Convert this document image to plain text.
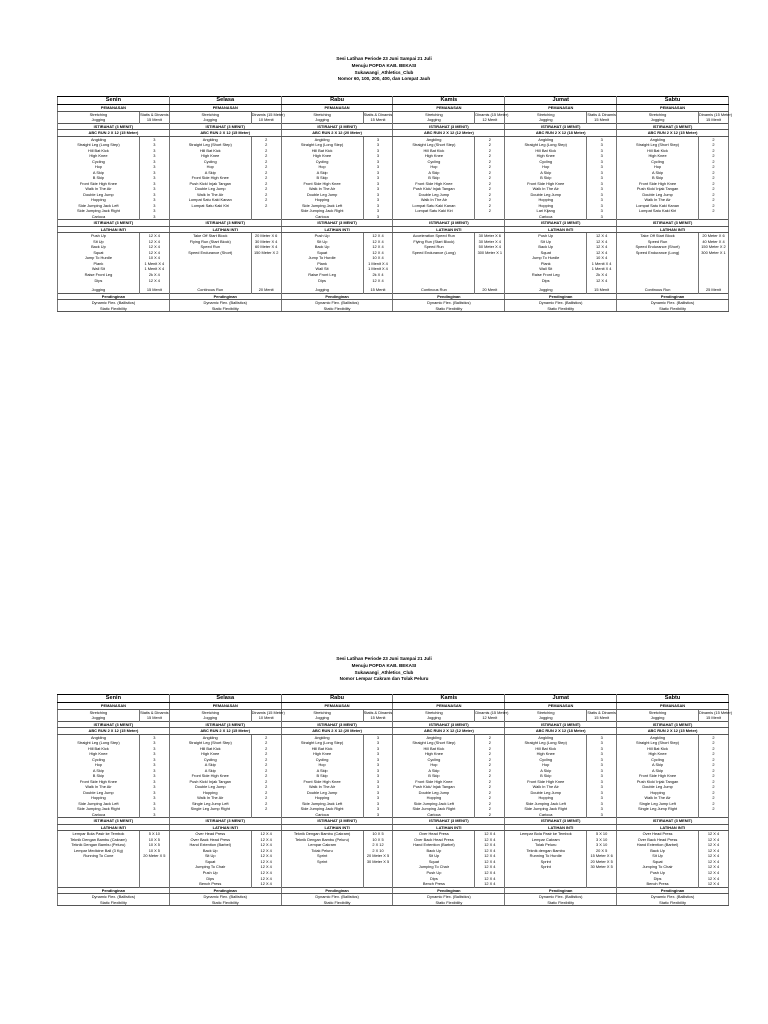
Sesi Latihan Periode 23 Juni Sampai 21 Juli
Menuju POPDA KAB. BEKASI
Sukawangi_Athletics_Club
Nomor 60, 100, 200, 400, dan Lompat Jauh
Senin		Selasa		Rabu		Kamis		Jumat		Sabtu	
PEMANASAN		PEMANASAN		PEMANASAN		PEMANASAN		PEMANASAN		PEMANASAN	
Stretching	Statis & Dinamis	Stretching	Dinamis (15 Meter)	Stretching	Statis & Dinamis	Stretching	Dinamis (15 Meter)	Stretching	Statis & Dinamis	Stretching	Dinamis (15 Meter)
Jogging	15 Menit	Jogging	10 Menit	Jogging	15 Menit	Jogging	12 Menit	Jogging	15 Menit	Jogging	15 Menit
ISTIRAHAT (3 MENIT)		ISTIRAHAT (3 MENIT)		ISTIRAHAT (3 MENIT)		ISTIRAHAT (3 MENIT)		ISTIRAHAT (3 MENIT)		ISTIRAHAT (3 MENIT)	
ABC RUN 2 X 12 (15 Meter)		ABC RUN 2 X 12 (15 Meter)		ABC RUN 2 X 12 (20 Meter)		ABC RUN 2 X 12 (12 Meter)		ABC RUN 2 X 12 (18 Meter)		ABC RUN 2 X 12 (15 Meter)	
Angkling	3	Angkling	2	Angkling	3	Angkling	2	Angkling	3	Angkling	2
Straight Leg (Long Step)	3	Straight Leg (Short Step)	2	Straight Leg (Long Step)	3	Straight Leg (Short Step)	2	Straight Leg (Long Step)	3	Straight Leg (Short Step)	2
Hill Bat Kick	3	Hill Bat Kick	2	Hill Bat Kick	3	Hill Bat Kick	2	Hill Bat Kick	3	Hill Bat Kick	2
High Knee	3	High Knee	2	High Knee	3	High Knee	2	High Knee	3	High Knee	2
Cycling	3	Cycling	2	Cycling	3	Cycling	2	Cycling	3	Cycling	2
Hop	3	Hop	2	Hop	3	Hop	2	Hop	3	Hop	2
A Skip	3	A Skip	2	A Skip	3	A Skip	2	A Skip	3	A Skip	2
B Skip	3	Front Side High Knee	2	B Skip	3	B Skip	2	B Skip	3	B Skip	2
Front Side High Knee	3	Push Kick/ Injak Tangan	2	Front Side High Knee	3	Front Side High Knee	2	Front Side High Knee	3	Front Side High Knee	2
Walk In The Air	3	Double Leg Jump	2	Walk In The Air	3	Push Kick/ Injak Tangan	2	Walk In The Air	3	Push Kick/ Injak Tangan	2
Double Leg Jump	3	Walk In The Air	2	Double Leg Jump	3	Double Leg Jump	2	Double Leg Jump	3	Double Leg Jump	2
Hopping	3	Lompat Satu Kaki Kanan	2	Hopping	3	Walk In The Air	2	Hopping	3	Walk In The Air	2
Side Jumping Jack Left	3	Lompat Satu Kaki Kiri	2	Side Jumping Jack Left	3	Lompat Satu Kaki Kanan	2	Hopping	3	Lompat Satu Kaki Kanan	2
Side Jumping Jack Right	3			Side Jumping Jack Right	3	Lompat Satu Kaki Kiri	2	Lari Kijang	3	Lompat Satu Kaki Kiri	2
Carioca	3			Carioca	3			Carioca	3		
ISTIRAHAT (3 MENIT)		ISTIRAHAT (3 MENIT)		ISTIRAHAT (3 MENIT)		ISTIRAHAT (3 MENIT)		ISTIRAHAT (3 MENIT)		ISTIRAHAT (3 MENIT)	
LATIHAN INTI		LATIHAN INTI		LATIHAN INTI		LATIHAN INTI		LATIHAN INTI		LATIHAN INTI	
Push Up	12 X 4	Take Off Start Block	20 Meter X 6	Push Up	12 X 4	Acceleration Speed Run	30 Meter X 6	Push Up	12 X 4	Take Off Start Block	20 Meter X 6
Sit Up	12 X 4	Flying Run (Start Block)	30 Meter X 4	Sit Up	12 X 4	Flying Run (Start Block)	30 Meter X 4	Sit Up	12 X 4	Speed Run	40 Meter X 4
Back Up	12 X 4	Speed Run	60 Meter X 4	Back Up	12 X 4	Speed Run	50 Meter X 4	Back Up	12 X 4	Speed Endurance (Short)	150 Meter X 2
Squat	12 X 4	Speed Endurance (Short)	150 Meter X 2	Squat	12 X 4	Speed Endurance (Long)	300 Meter X 1	Squat	12 X 4	Speed Endurance (Long)	300 Meter X 1
Jump To Hurdle	10 X 4			Jump To Hurdle	10 X 4			Jump To Hurdle	10 X 4		
Plank	1 Menit X 4			Plank	1 Menit X 4			Plank	1 Menit X 4		
Wall Sit	1 Menit X 4			Wall Sit	1 Menit X 4			Wall Sit	1 Menit X 4		
Raise Front Leg	2k X 4			Raise Front Leg	2k X 4			Raise Front Leg	2k X 4		
Dips	12 X 4			Dips	12 X 4			Dips	12 X 4		

Jogging	15 Menit	Continous Run	20 Menit	Jogging	15 Menit	Continous Run	20 Menit	Jogging	15 Menit	Continous Run	25 Menit
Pendinginan		Pendinginan		Pendinginan		Pendinginan		Pendinginan		Pendinginan	
Dynamic Flex. (Ballistics)		Dynamic Flex. (Ballistics)		Dynamic Flex. (Ballistics)		Dynamic Flex. (Ballistics)		Dynamic Flex. (Ballistics)		Dynamic Flex. (Ballistics)	
Static Flexibility		Static Flexibility		Static Flexibility		Static Flexibility		Static Flexibility		Static Flexibility	
Sesi Latihan Periode 23 Juni Sampai 21 Juli
Menuju POPDA KAB. BEKASI
Sukawangi_Athletics_Club
Nomor Lempar Cakram dan Tolak Peluru
Senin		Selasa		Rabu		Kamis		Jumat		Sabtu	
PEMANASAN		PEMANASAN		PEMANASAN		PEMANASAN		PEMANASAN		PEMANASAN	
Stretching	Statis & Dinamis	Stretching	Dinamis (15 Meter)	Stretching	Statis & Dinamis	Stretching	Dinamis (15 Meter)	Stretching	Statis & Dinamis	Stretching	Dinamis (15 Meter)
Jogging	15 Menit	Jogging	10 Menit	Jogging	15 Menit	Jogging	12 Menit	Jogging	15 Menit	Jogging	15 Menit
ISTIRAHAT (3 MENIT)		ISTIRAHAT (3 MENIT)		ISTIRAHAT (3 MENIT)		ISTIRAHAT (3 MENIT)		ISTIRAHAT (3 MENIT)		ISTIRAHAT (3 MENIT)	
ABC RUN 2 X 12 (15 Meter)		ABC RUN 2 X 12 (15 Meter)		ABC RUN 2 X 12 (20 Meter)		ABC RUN 2 X 12 (12 Meter)		ABC RUN 2 X 12 (18 Meter)		ABC RUN 2 X 12 (15 Meter)	
Angkling	3	Angkling	2	Angkling	3	Angkling	2	Angkling	3	Angkling	2
Straight Leg (Long Step)	3	Straight Leg (Short Step)	2	Straight Leg (Long Step)	3	Straight Leg (Short Step)	2	Straight Leg (Long Step)	3	Straight Leg (Short Step)	2
Hill Bat Kick	3	Hill Bat Kick	2	Hill Bat Kick	3	Hill Bat Kick	2	Hill Bat Kick	3	Hill Bat Kick	2
High Knee	3	High Knee	2	High Knee	3	High Knee	2	High Knee	3	High Knee	2
Cycling	3	Cycling	2	Cycling	3	Cycling	2	Cycling	3	Cycling	2
Hop	3	A Skip	2	Hop	3	Hop	2	Hop	3	A Skip	2
A Skip	3	A Skip	2	A Skip	3	A Skip	2	A Skip	3	A Skip	2
B Skip	3	Front Side High Knee	2	B Skip	3	B Skip	2	B Skip	3	Front Side High Knee	2
Front Side High Knee	3	Push Kick/ Injak Tangan	2	Front Side High Knee	3	Front Side High Knee	2	Front Side High Knee	3	Push Kick/ Injak Tangan	2
Walk In The Air	3	Double Leg Jump	2	Walk In The Air	3	Push Kick/ Injak Tangan	2	Walk In The Air	3	Double Leg Jump	2
Double Leg Jump	3	Hopping	2	Double Leg Jump	3	Double Leg Jump	2	Double Leg Jump	3	Hopping	2
Hopping	3	Walk In The Air	2	Hopping	3	Hopping	2	Hopping	3	Walk In The Air	2
Side Jumping Jack Left	3	Single Leg Jump Left	2	Side Jumping Jack Left	3	Side Jumping Jack Left	2	Side Jumping Jack Left	3	Single Leg Jump Left	2
Side Jumping Jack Right	3	Single Leg Jump Right	2	Side Jumping Jack Right	3	Side Jumping Jack Right	2	Side Jumping Jack Right	3	Single Leg Jump Right	2
Carioca	3			Carioca	3	Carioca	2	Carioca	3		
ISTIRAHAT (3 MENIT)		ISTIRAHAT (3 MENIT)		ISTIRAHAT (3 MENIT)		ISTIRAHAT (3 MENIT)		ISTIRAHAT (3 MENIT)		ISTIRAHAT (3 MENIT)	
LATIHAN INTI		LATIHAN INTI		LATIHAN INTI		LATIHAN INTI		LATIHAN INTI		LATIHAN INTI	
Lempar Bola Pasir ke Tembok	5 X 10	Over Head Press	12 X 4	Teknik Dengan Bambu (Cakram)	10 X 5	Over Head Press	12 X 4	Lempar Bola Pasir ke Tembok	5 X 10	Over Head Press	12 X 4
Teknik Dengan Bambu (Cakram)	10 X 5	Over Back Head Press	12 X 4	Teknik Dengan Bambu (Peluru)	10 X 5	Over Back Head Press	12 X 4	Lempar Cakram	3 X 10	Over Back Head Press	12 X 4
Teknik Dengan Bambu (Peluru)	10 X 5	Hand Extention (Barbel)	12 X 4	Lempar Cakram	2 X 12	Hand Extention (Barbel)	12 X 4	Tolak Peluru	3 X 10	Hand Extention (Barbel)	12 X 4
Lempar Medicine Ball (3 Kg)	10 X 5	Back Up	12 X 4	Tolak Peluru	2 X 10	Back Up	12 X 4	Teknik dengan Bambu	20 X 5	Back Up	12 X 4
Running To Cone	20 Meter X 5	Sit Up	12 X 4	Sprint	20 Meter X 5	Sit Up	12 X 4	Running To Hurdle	15 Meter X 6	Sit Up	12 X 4
		Squat	12 X 4	Sprint	30 Meter X 5	Squat	12 X 4	Sprint	20 Meter X 5	Squat	12 X 4
		Jumping To Chair	12 X 4			Jumping To Chair	12 X 4	Sprint	30 Meter X 5	Jumping To Chair	12 X 4
		Push Up	12 X 4			Push Up	12 X 4			Push Up	12 X 4
		Dips	12 X 4			Dips	12 X 4			Dips	12 X 4
		Bench Press	12 X 4			Bench Press	12 X 4			Bench Press	12 X 4
Pendinginan		Pendinginan		Pendinginan		Pendinginan		Pendinginan		Pendinginan	
Dynamic Flex. (Ballistics)		Dynamic Flex. (Ballistics)		Dynamic Flex. (Ballistics)		Dynamic Flex. (Ballistics)		Dynamic Flex. (Ballistics)		Dynamic Flex. (Ballistics)	
Static Flexibility		Static Flexibility		Static Flexibility		Static Flexibility		Static Flexibility		Static Flexibility	
